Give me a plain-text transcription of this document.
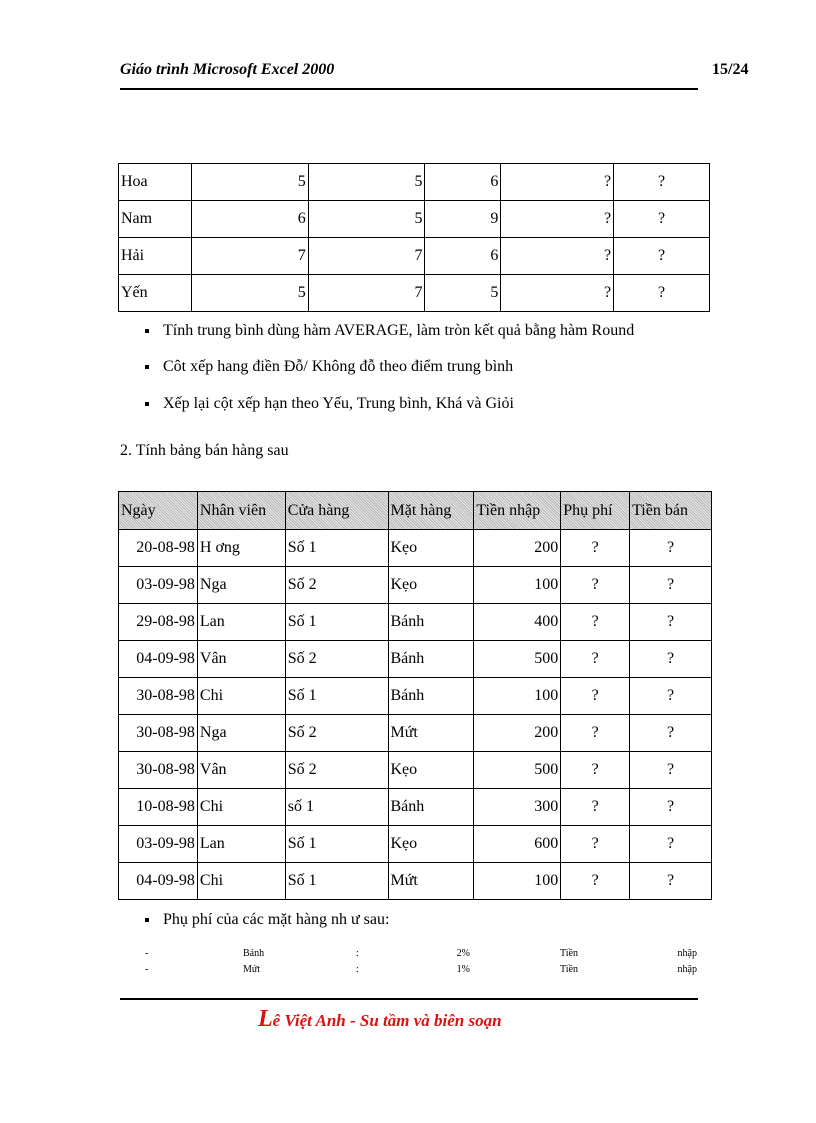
Giáo trình Microsoft Excel 2000	15/24
Hoa	5	5	6	?	?
Nam	6	5	9	?	?
Hải	7	7	6	?	?
Yến	5	7	5	?	?
Tính trung bình dùng hàm AVERAGE, làm tròn kết quả bằng hàm Round
Côt xếp hang điền Đỗ/ Không đỗ theo điểm trung bình
Xếp lại cột xếp hạn theo Yếu, Trung bình, Khá và Giỏi
2. Tính bảng bán hàng sau
Ngày	Nhân viên	Cửa hàng	Mặt hàng	Tiền nhập	Phụ phí	Tiền bán
20-08-98	H ơng	Số 1	Kẹo	200	?	?
03-09-98	Nga	Số 2	Kẹo	100	?	?
29-08-98	Lan	Số 1	Bánh	400	?	?
04-09-98	Vân	Số 2	Bánh	500	?	?
30-08-98	Chi	Số 1	Bánh	100	?	?
30-08-98	Nga	Số 2	Mứt	200	?	?
30-08-98	Vân	Số 2	Kẹo	500	?	?
10-08-98	Chi	số 1	Bánh	300	?	?
03-09-98	Lan	Số 1	Kẹo	600	?	?
04-09-98	Chi	Số 1	Mứt	100	?	?
Phụ phí của các mặt hàng nh ư sau:
-	Bánh	:	2%	Tiền	nhập
-	Mứt	:	1%	Tiền	nhập
Lê Việt Anh - Su tầm và biên soạn
